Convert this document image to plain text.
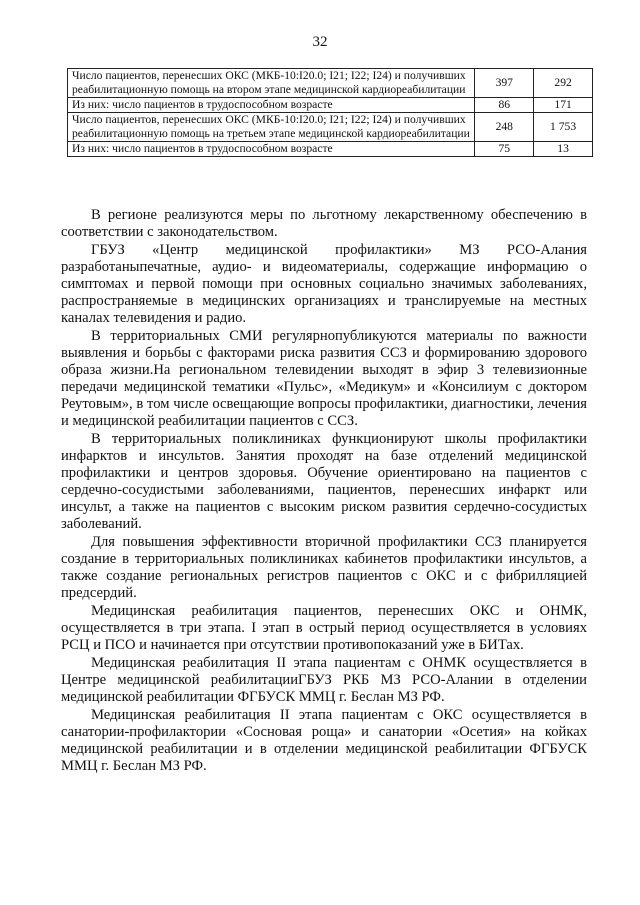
32
Число пациентов, перенесших ОКС (МКБ-10:I20.0; I21; I22; I24) и получивших реабилитационную помощь на втором этапе медицинской кардиореабилитации	397	292
Из них: число пациентов в трудоспособном возрасте	86	171
Число пациентов, перенесших ОКС (МКБ-10:I20.0; I21; I22; I24) и получивших реабилитационную помощь на третьем этапе медицинской кардиореабилитации	248	1 753
Из них: число пациентов в трудоспособном возрасте	75	13

В регионе реализуются меры по льготному лекарственному обеспечению в соответствии с законодательством.

ГБУЗ «Центр медицинской профилактики» МЗ РСО-Алания разработаныпечатные, аудио- и видеоматериалы, содержащие информацию о симптомах и первой помощи при основных социально значимых заболеваниях, распространяемые в медицинских организациях и транслируемые на местных каналах телевидения и радио.

В территориальных СМИ регулярнопубликуются материалы по важности выявления и борьбы с факторами риска развития ССЗ и формированию здорового образа жизни.На региональном телевидении выходят в эфир 3 телевизионные передачи медицинской тематики «Пульс», «Медикум» и «Консилиум с доктором Реутовым», в том числе освещающие вопросы профилактики, диагностики, лечения и медицинской реабилитации пациентов с ССЗ.

В территориальных поликлиниках функционируют школы профилактики инфарктов и инсультов. Занятия проходят на базе отделений медицинской профилактики и центров здоровья. Обучение ориентировано на пациентов с сердечно-сосудистыми заболеваниями, пациентов, перенесших инфаркт или инсульт, а также на пациентов с высоким риском развития сердечно-сосудистых заболеваний.

Для повышения эффективности вторичной профилактики ССЗ планируется создание в территориальных поликлиниках кабинетов профилактики инсультов, а также создание региональных регистров пациентов с ОКС и с фибрилляцией предсердий.

Медицинская реабилитация пациентов, перенесших ОКС и ОНМК, осуществляется в три этапа. I этап в острый период осуществляется в условиях РСЦ и ПСО и начинается при отсутствии противопоказаний уже в БИТах.

Медицинская реабилитация II этапа пациентам с ОНМК осуществляется в Центре медицинской реабилитацииГБУЗ РКБ МЗ РСО-Алании в отделении медицинской реабилитации ФГБУСК ММЦ г. Беслан МЗ РФ.

Медицинская реабилитация II этапа пациентам с ОКС осуществляется в санатории-профилактории «Сосновая роща» и санатории «Осетия» на койках медицинской реабилитации и в отделении медицинской реабилитации ФГБУСК ММЦ г. Беслан МЗ РФ.
